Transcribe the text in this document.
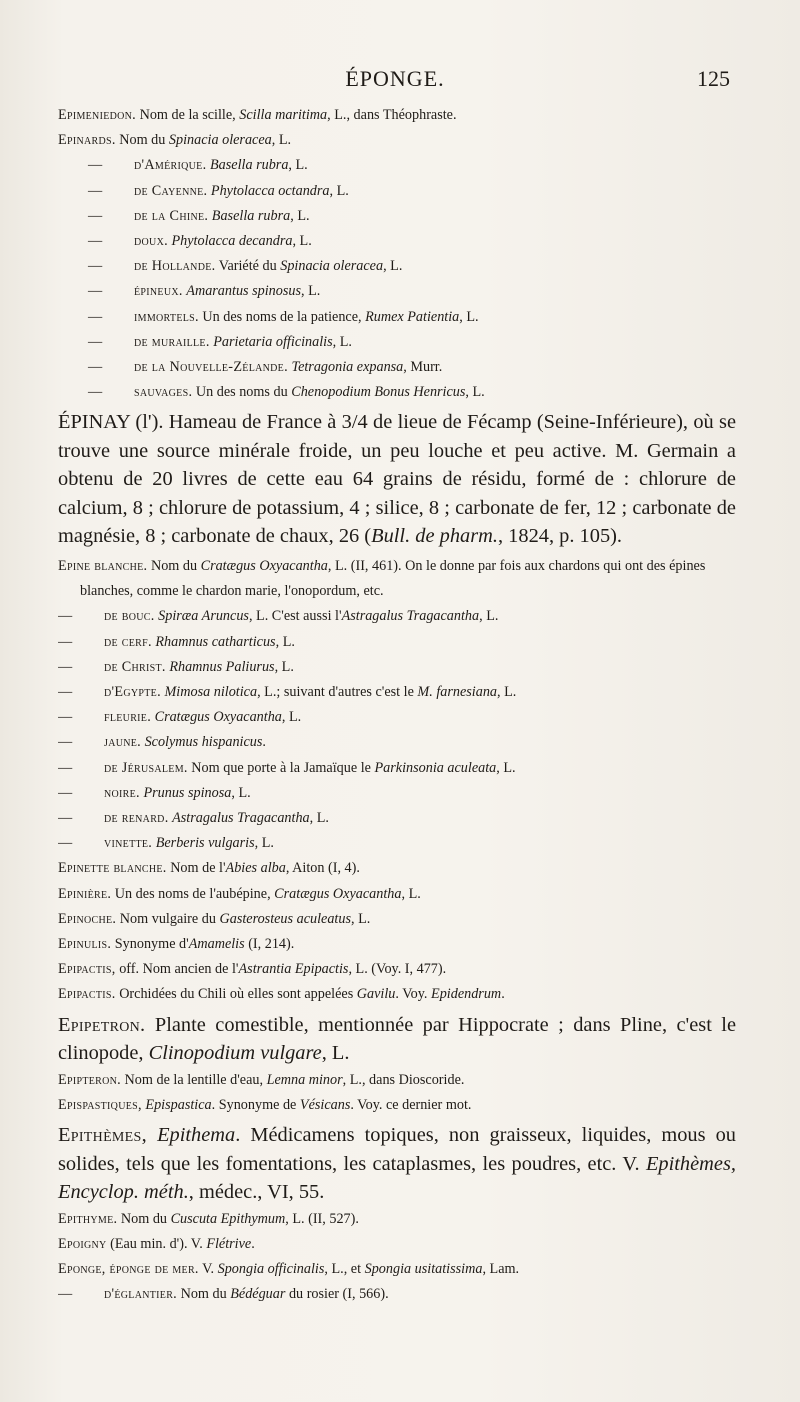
ÉPONGE.	125
Epimeniedon. Nom de la scille, Scilla maritima, L., dans Théophraste.
Epinards. Nom du Spinacia oleracea, L.
— d'Amérique. Basella rubra, L.
— de Cayenne. Phytolacca octandra, L.
— de la Chine. Basella rubra, L.
— doux. Phytolacca decandra, L.
— de Hollande. Variété du Spinacia oleracea, L.
— épineux. Amarantus spinosus, L.
— immortels. Un des noms de la patience, Rumex Patientia, L.
— de muraille. Parietaria officinalis, L.
— de la Nouvelle-Zélande. Tetragonia expansa, Murr.
— sauvages. Un des noms du Chenopodium Bonus Henricus, L.
ÉPINAY (l'). Hameau de France à 3/4 de lieue de Fécamp (Seine-Inférieure), où se trouve une source minérale froide, un peu louche et peu active. M. Germain a obtenu de 20 livres de cette eau 64 grains de résidu, formé de : chlorure de calcium, 8 ; chlorure de potassium, 4 ; silice, 8 ; carbonate de fer, 12 ; carbonate de magnésie, 8 ; carbonate de chaux, 26 (Bull. de pharm., 1824, p. 105).
Epine blanche. Nom du Cratægus Oxyacantha, L. (II, 461). On le donne par fois aux chardons qui ont des épines blanches, comme le chardon marie, l'onopordum, etc.
— de bouc. Spiræa Aruncus, L. C'est aussi l'Astragalus Tragacantha, L.
— de cerf. Rhamnus catharticus, L.
— de Christ. Rhamnus Paliurus, L.
— d'Egypte. Mimosa nilotica, L.; suivant d'autres c'est le M. farnesiana, L.
— fleurie. Cratægus Oxyacantha, L.
— jaune. Scolymus hispanicus.
— de Jérusalem. Nom que porte à la Jamaïque le Parkinsonia aculeata, L.
— noire. Prunus spinosa, L.
— de renard. Astragalus Tragacantha, L.
— vinette. Berberis vulgaris, L.
Epinette blanche. Nom de l'Abies alba, Aiton (I, 4).
Epinière. Un des noms de l'aubépine, Cratægus Oxyacantha, L.
Epinoche. Nom vulgaire du Gasterosteus aculeatus, L.
Epinulis. Synonyme d'Amamelis (I, 214).
Epipactis, off. Nom ancien de l'Astrantia Epipactis, L. (Voy. I, 477).
Epipactis. Orchidées du Chili où elles sont appelées Gavilu. Voy. Epidendrum.
Epipetron. Plante comestible, mentionnée par Hippocrate ; dans Pline, c'est le clinopode, Clinopodium vulgare, L.
Epipteron. Nom de la lentille d'eau, Lemna minor, L., dans Dioscoride.
Epispastiques, Epispastica. Synonyme de Vésicans. Voy. ce dernier mot.
Epithèmes, Epithema. Médicamens topiques, non graisseux, liquides, mous ou solides, tels que les fomentations, les cataplasmes, les poudres, etc. V. Epithèmes, Encyclop. méth., médec., VI, 55.
Epithyme. Nom du Cuscuta Epithymum, L. (II, 527).
Epoigny (Eau min. d'). V. Flétrive.
Eponge, éponge de mer. V. Spongia officinalis, L., et Spongia usitatissima, Lam.
— d'églantier. Nom du Bédéguar du rosier (I, 566).
